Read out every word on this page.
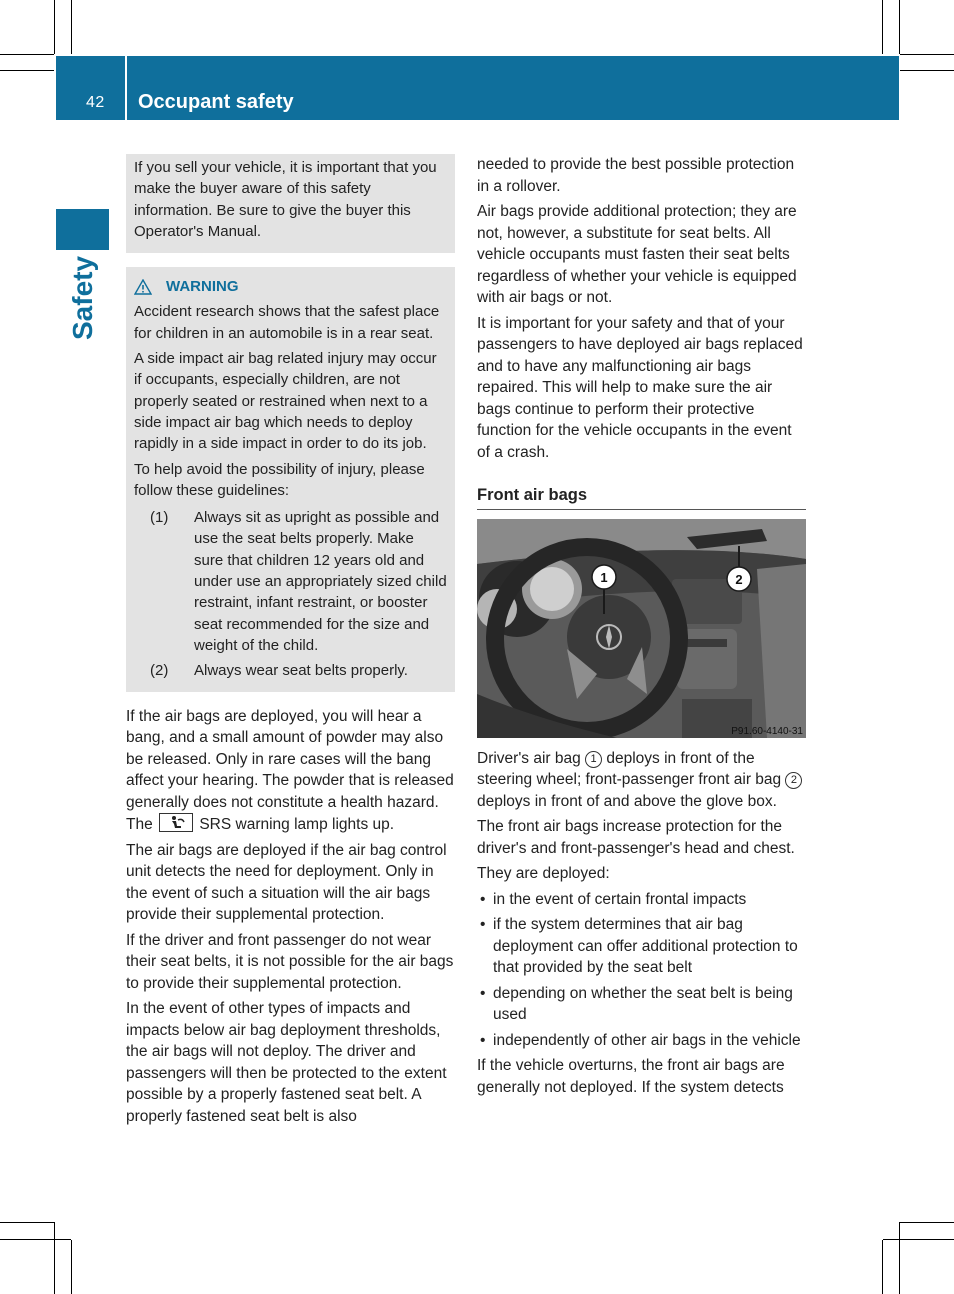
42 Occupant safety
Safety

If you sell your vehicle, it is important that you make the buyer aware of this safety information. Be sure to give the buyer this Operator's Manual.

WARNING

Accident research shows that the safest place for children in an automobile is in a rear seat.

A side impact air bag related injury may occur if occupants, especially children, are not properly seated or restrained when next to a side impact air bag which needs to deploy rapidly in a side impact in order to do its job.

To help avoid the possibility of injury, please follow these guidelines:

(1)	Always sit as upright as possible and use the seat belts properly. Make sure that children 12 years old and under use an appropriately sized child restraint, infant restraint, or booster seat recommended for the size and weight of the child.
(2)	Always wear seat belts properly.

If the air bags are deployed, you will hear a bang, and a small amount of powder may also be released. Only in rare cases will the bang affect your hearing. The powder that is released generally does not constitute a health hazard. The	SRS warning lamp lights up.

The air bags are deployed if the air bag control unit detects the need for deployment. Only in the event of such a situation will the air bags provide their supplemental protection.

If the driver and front passenger do not wear their seat belts, it is not possible for the air bags to provide their supplemental protection.

In the event of other types of impacts and impacts below air bag deployment thresholds, the air bags will not deploy. The driver and passengers will then be protected to the extent possible by a properly fastened seat belt. A properly fastened seat belt is also

needed to provide the best possible protection in a rollover.

Air bags provide additional protection; they are not, however, a substitute for seat belts. All vehicle occupants must fasten their seat belts regardless of whether your vehicle is equipped with air bags or not.

It is important for your safety and that of your passengers to have deployed air bags replaced and to have any malfunctioning air bags repaired. This will help to make sure the air bags continue to perform their protective function for the vehicle occupants in the event of a crash.

Front air bags
1	2
P91.60-4140-31

Driver's air bag 1 deploys in front of the steering wheel; front-passenger front air bag 2 deploys in front of and above the glove box.

The front air bags increase protection for the driver's and front-passenger's head and chest.

They are deployed:

• in the event of certain frontal impacts
• if the system determines that air bag deployment can offer additional protection to that provided by the seat belt
• depending on whether the seat belt is being used
• independently of other air bags in the vehicle

If the vehicle overturns, the front air bags are generally not deployed. If the system detects
